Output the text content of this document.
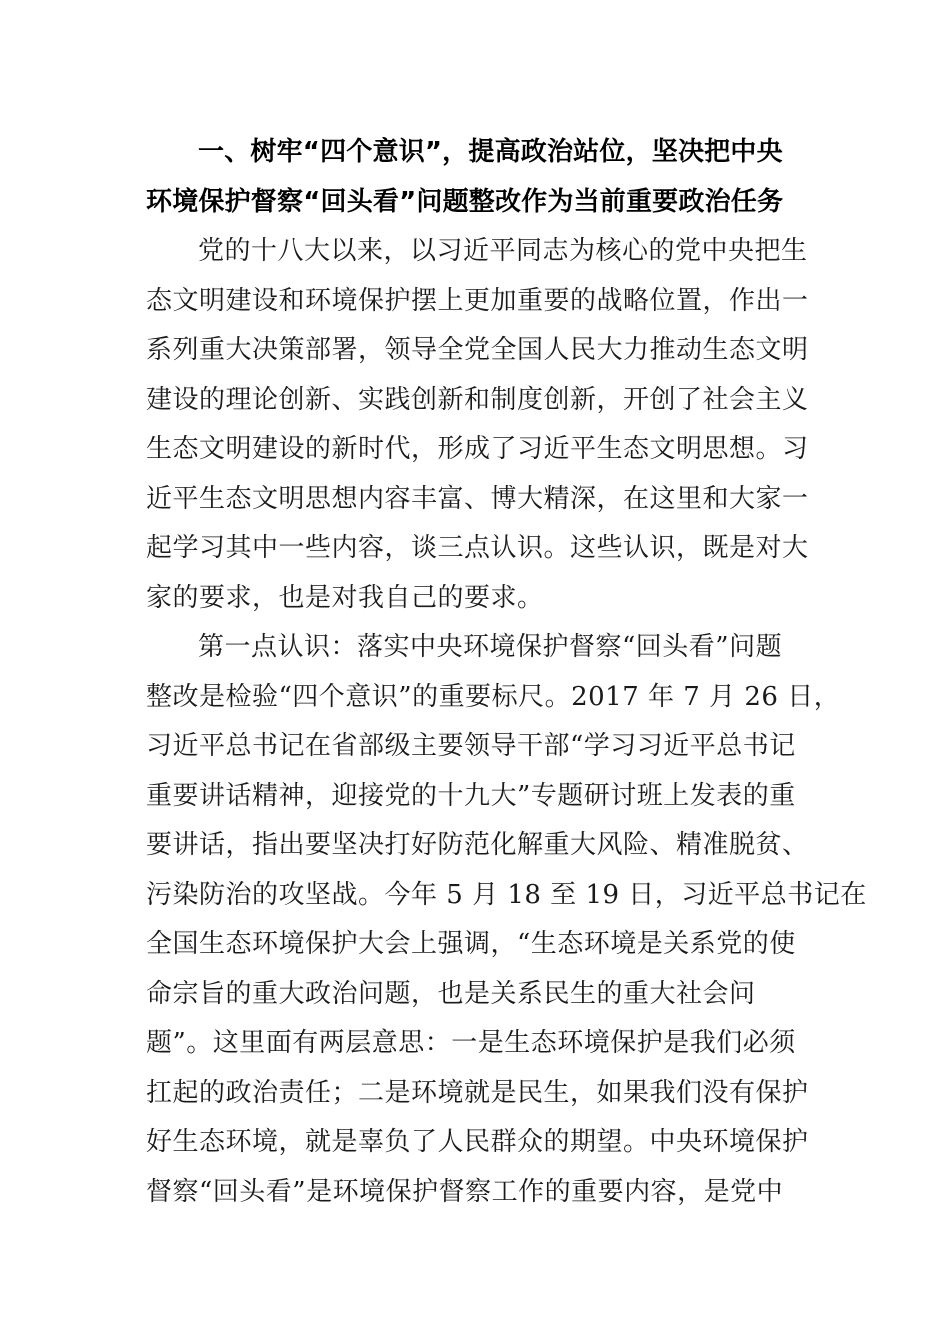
一、树牢“四个意识”，提高政治站位，坚决把中央
环境保护督察“回头看”问题整改作为当前重要政治任务
党的十八大以来，以习近平同志为核心的党中央把生
态文明建设和环境保护摆上更加重要的战略位置，作出一
系列重大决策部署，领导全党全国人民大力推动生态文明
建设的理论创新、实践创新和制度创新，开创了社会主义
生态文明建设的新时代，形成了习近平生态文明思想。习
近平生态文明思想内容丰富、博大精深，在这里和大家一
起学习其中一些内容，谈三点认识。这些认识，既是对大
家的要求，也是对我自己的要求。
第一点认识：落实中央环境保护督察“回头看”问题
整改是检验“四个意识”的重要标尺。2017 年 7 月 26 日，
习近平总书记在省部级主要领导干部“学习习近平总书记
重要讲话精神，迎接党的十九大”专题研讨班上发表的重
要讲话，指出要坚决打好防范化解重大风险、精准脱贫、
污染防治的攻坚战。今年 5 月 18 至 19 日，习近平总书记在
全国生态环境保护大会上强调，“生态环境是关系党的使
命宗旨的重大政治问题，也是关系民生的重大社会问
题”。这里面有两层意思：一是生态环境保护是我们必须
扛起的政治责任；二是环境就是民生，如果我们没有保护
好生态环境，就是辜负了人民群众的期望。中央环境保护
督察“回头看”是环境保护督察工作的重要内容，是党中
